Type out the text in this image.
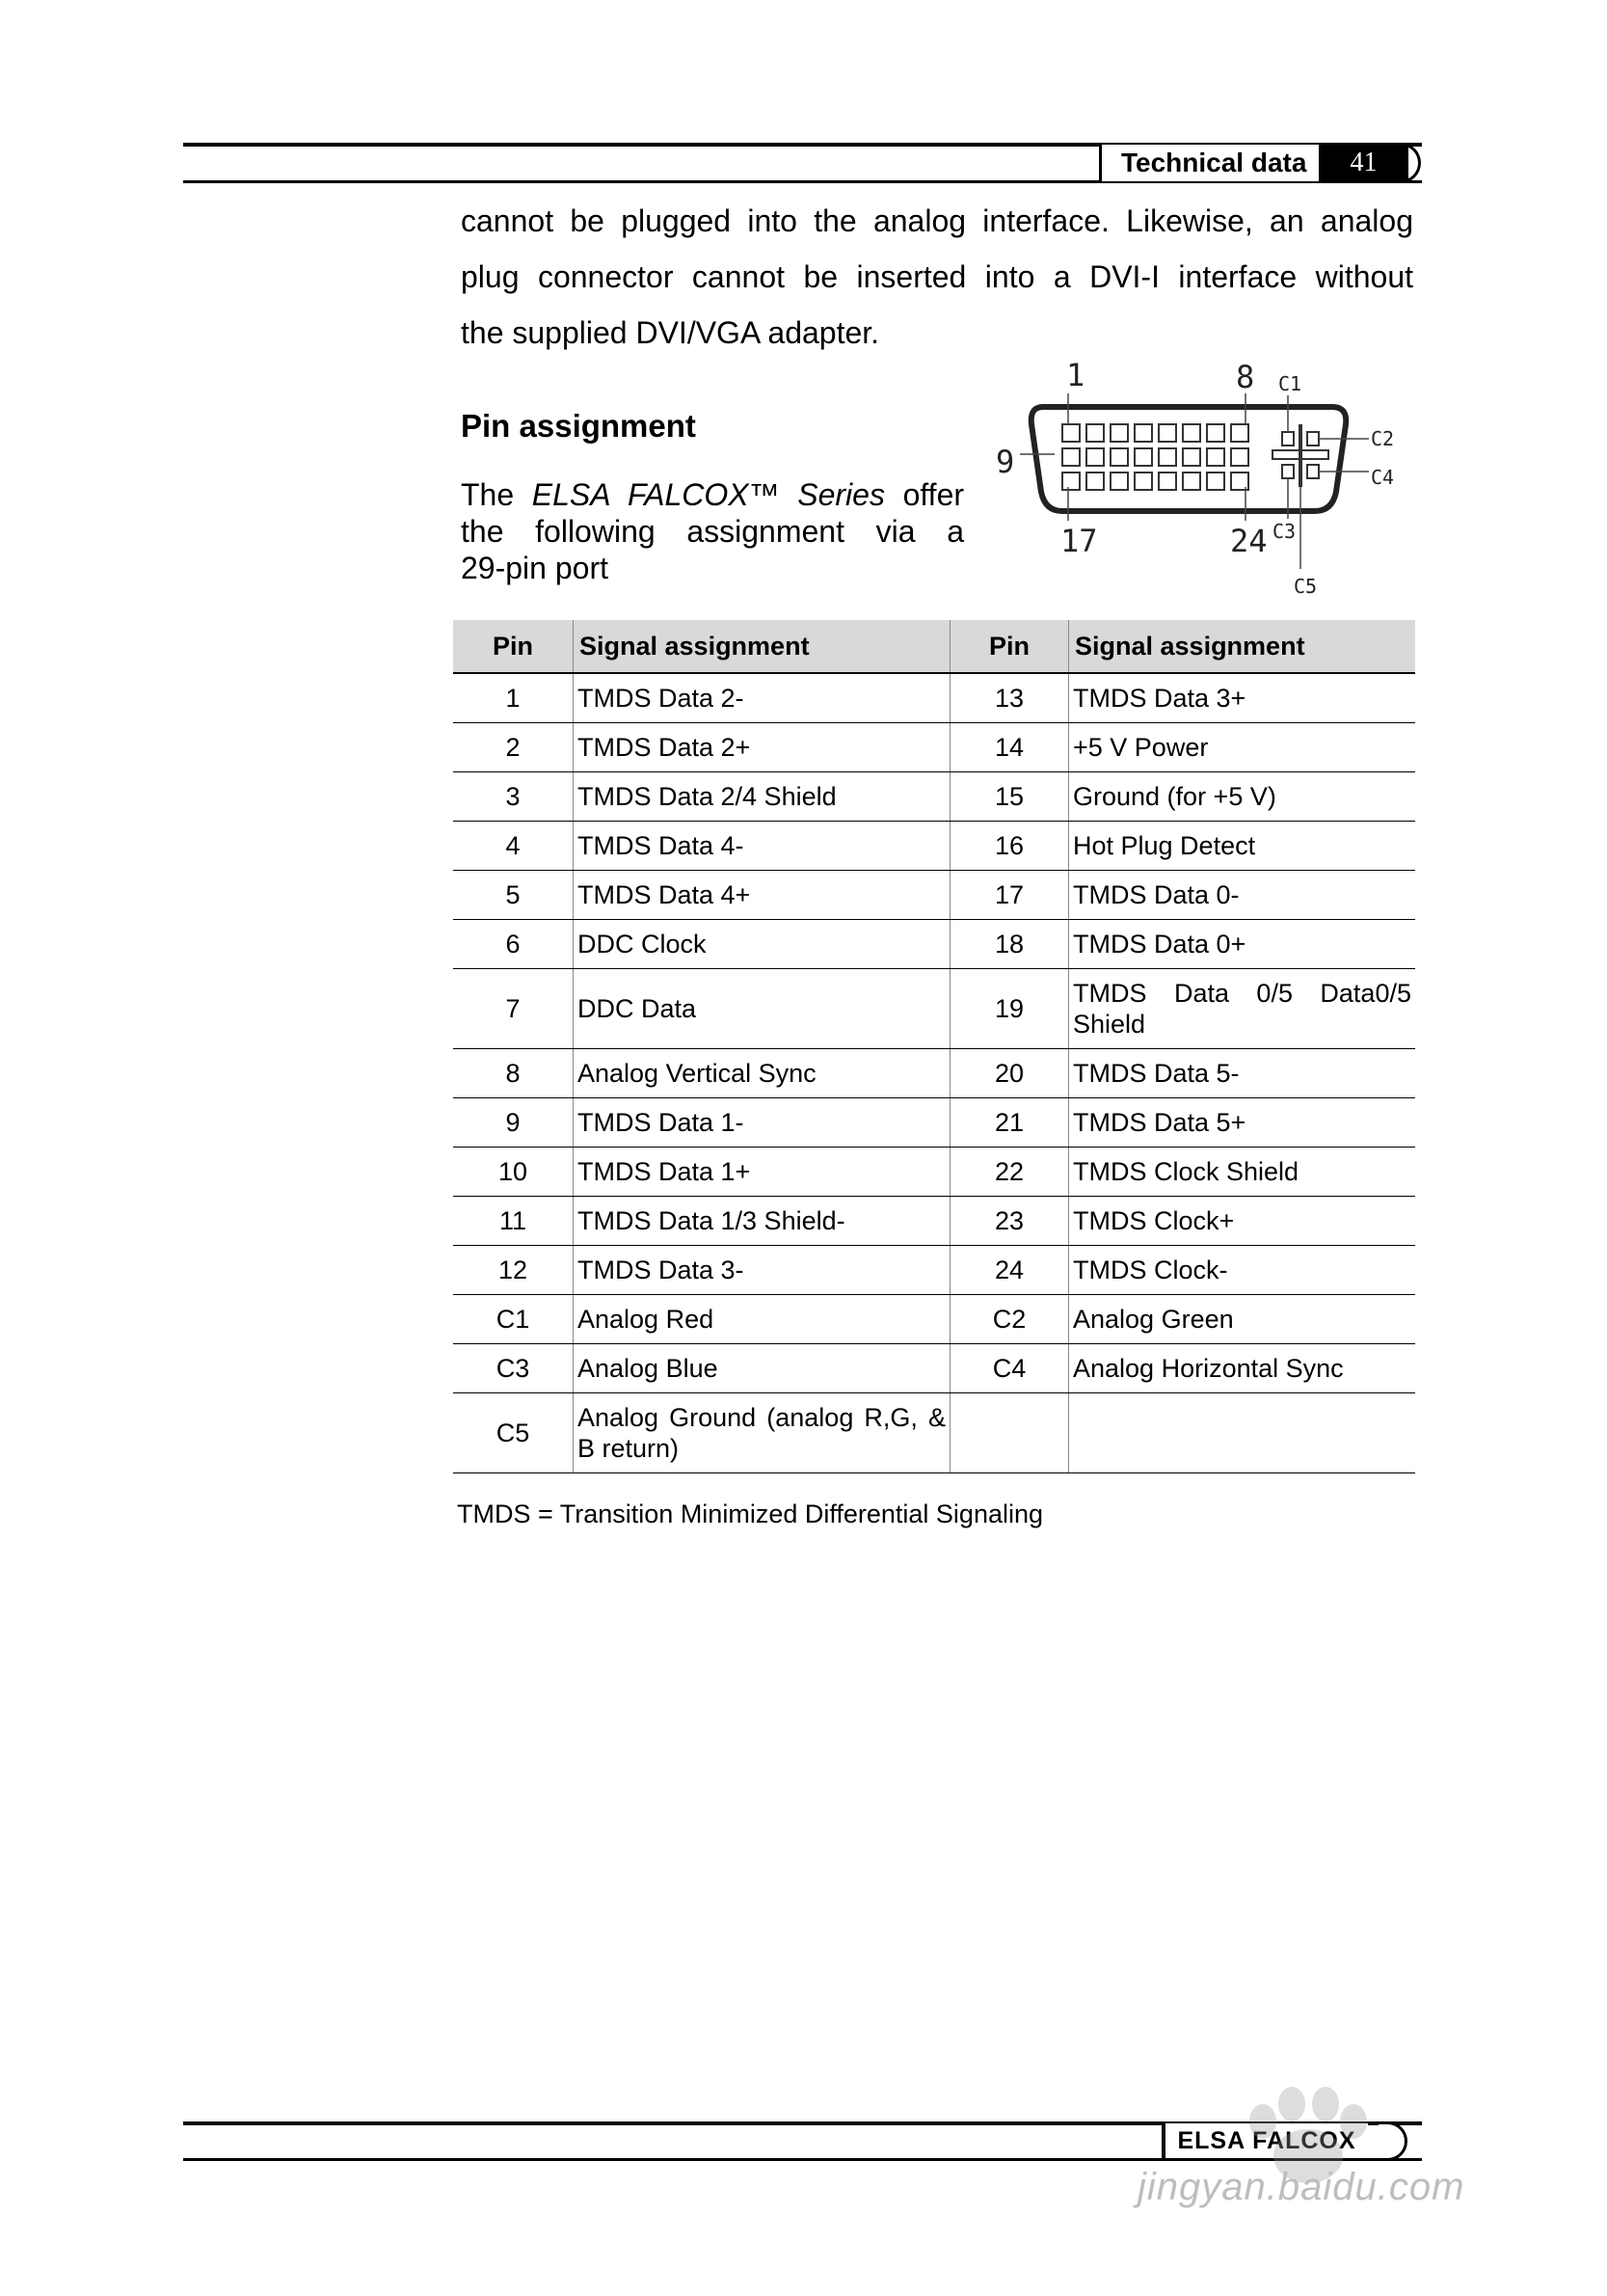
Technical data	41
cannot be plugged into the analog interface. Likewise, an analog
plug connector cannot be inserted into a DVI-I interface without
the supplied DVI/VGA adapter.
Pin assignment
The ELSA FALCOX™ Series offer
the following assignment via a
29-pin port
1	8 C1
9
C2
C4
17	24 C3
C5
Pin	Signal assignment	Pin	Signal assignment
1	TMDS Data 2-	13	TMDS Data 3+
2	TMDS Data 2+	14	+5 V Power
3	TMDS Data 2/4 Shield	15	Ground (for +5 V)
4	TMDS Data 4-	16	Hot Plug Detect
5	TMDS Data 4+	17	TMDS Data 0-
6	DDC Clock	18	TMDS Data 0+
7	DDC Data	19	TMDS Data 0/5 Data0/5 Shield
8	Analog Vertical Sync	20	TMDS Data 5-
9	TMDS Data 1-	21	TMDS Data 5+
10	TMDS Data 1+	22	TMDS Clock Shield
11	TMDS Data 1/3 Shield-	23	TMDS Clock+
12	TMDS Data 3-	24	TMDS Clock-
C1	Analog Red	C2	Analog Green
C3	Analog Blue	C4	Analog Horizontal Sync
C5	Analog Ground (analog R,G, & B return)		
TMDS = Transition Minimized Differential Signaling
ELSA FALCOX
jingyan.baidu.com
